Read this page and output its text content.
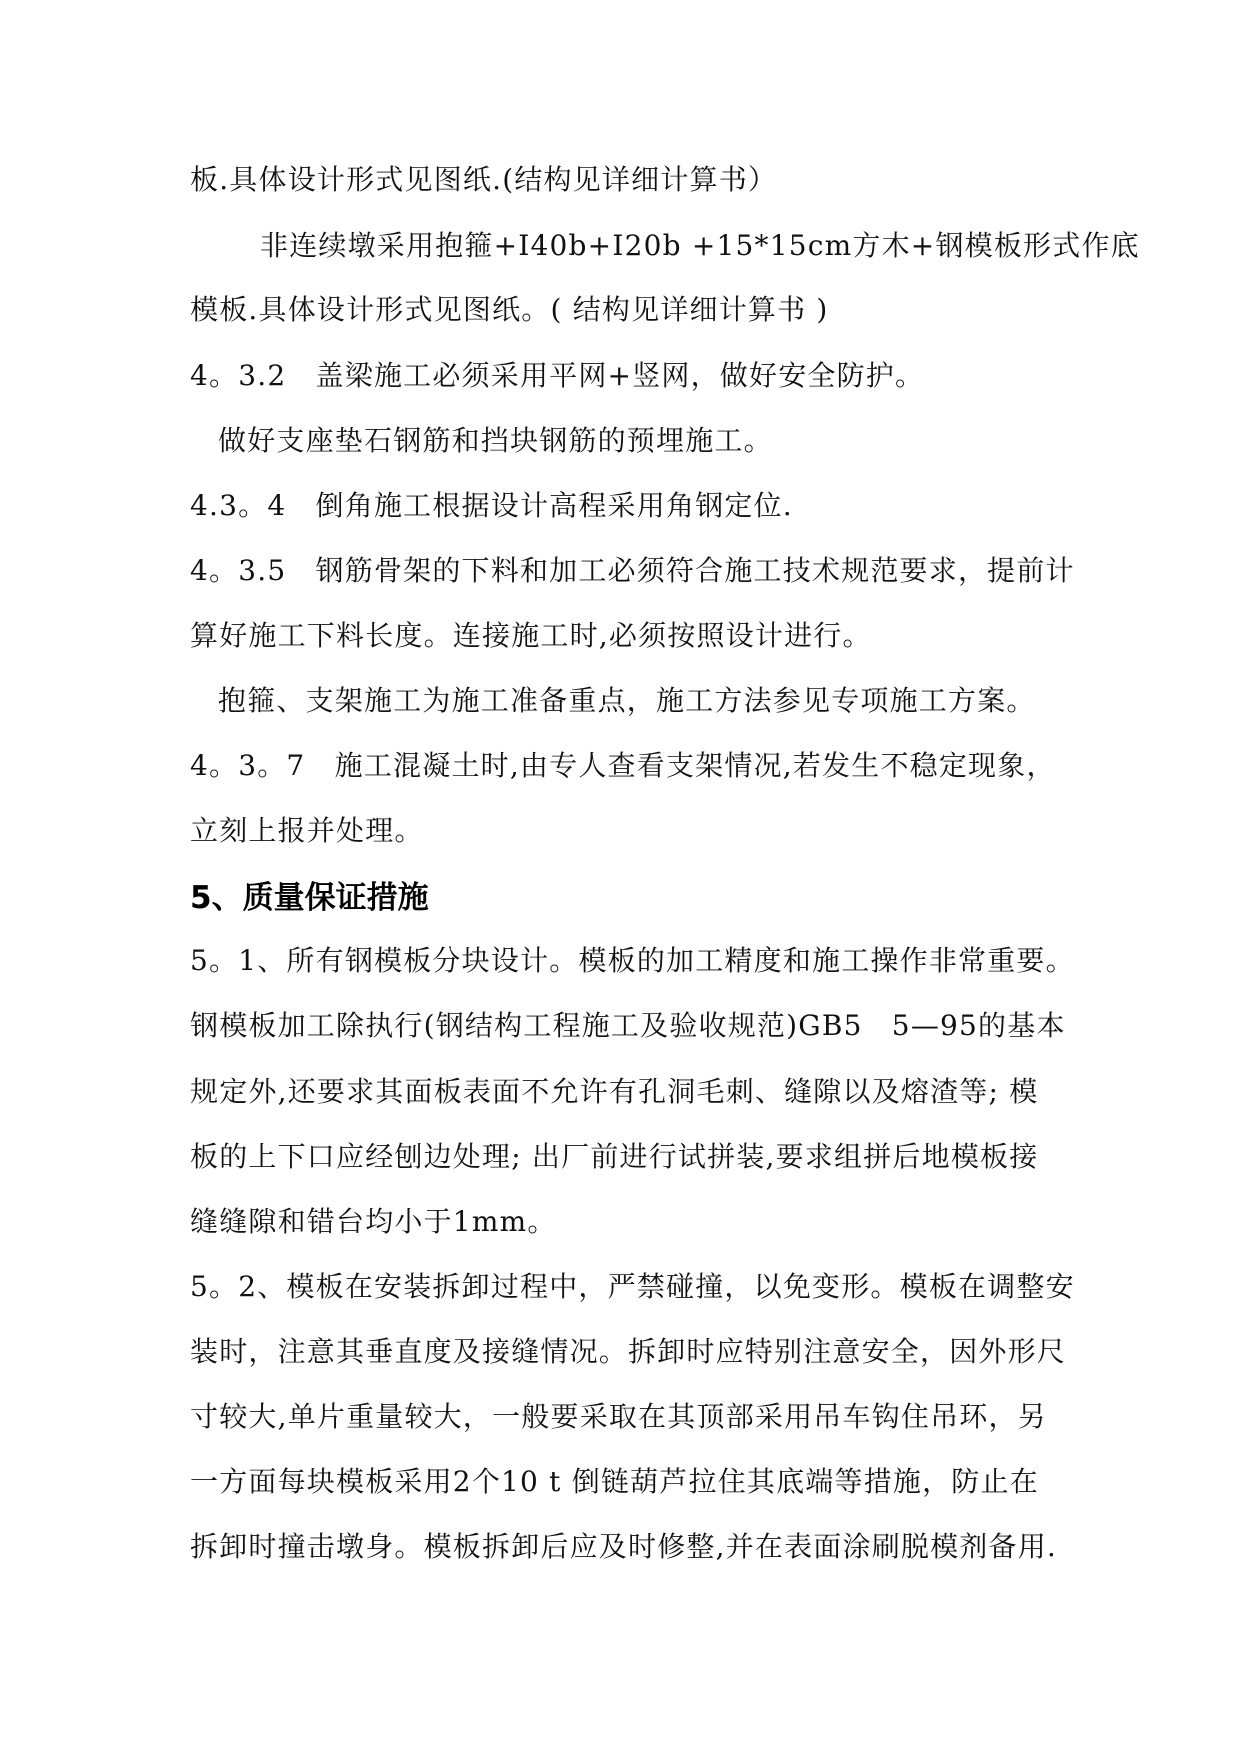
板.具体设计形式见图纸.(结构见详细计算书）
非连续墩采用抱箍+I40b+I20b +15*15cm方木+钢模板形式作底
模板.具体设计形式见图纸。( 结构见详细计算书 )
4。3.2　盖梁施工必须采用平网+竖网，做好安全防护。
做好支座垫石钢筋和挡块钢筋的预埋施工。
4.3。4　倒角施工根据设计高程采用角钢定位.
4。3.5　钢筋骨架的下料和加工必须符合施工技术规范要求，提前计
算好施工下料长度。连接施工时,必须按照设计进行。
抱箍、支架施工为施工准备重点，施工方法参见专项施工方案。
4。3。7　施工混凝土时,由专人查看支架情况,若发生不稳定现象，
立刻上报并处理。
5、质量保证措施
5。1、所有钢模板分块设计。模板的加工精度和施工操作非常重要。
钢模板加工除执行(钢结构工程施工及验收规范)GB5　5—95的基本
规定外,还要求其面板表面不允许有孔洞毛刺、缝隙以及熔渣等; 模
板的上下口应经刨边处理; 出厂前进行试拼装,要求组拼后地模板接
缝缝隙和错台均小于1mm。
5。2、模板在安装拆卸过程中，严禁碰撞，以免变形。模板在调整安
装时，注意其垂直度及接缝情况。拆卸时应特别注意安全，因外形尺
寸较大,单片重量较大，一般要采取在其顶部采用吊车钩住吊环，另
一方面每块模板采用2个10 t 倒链葫芦拉住其底端等措施，防止在
拆卸时撞击墩身。模板拆卸后应及时修整,并在表面涂刷脱模剂备用.
